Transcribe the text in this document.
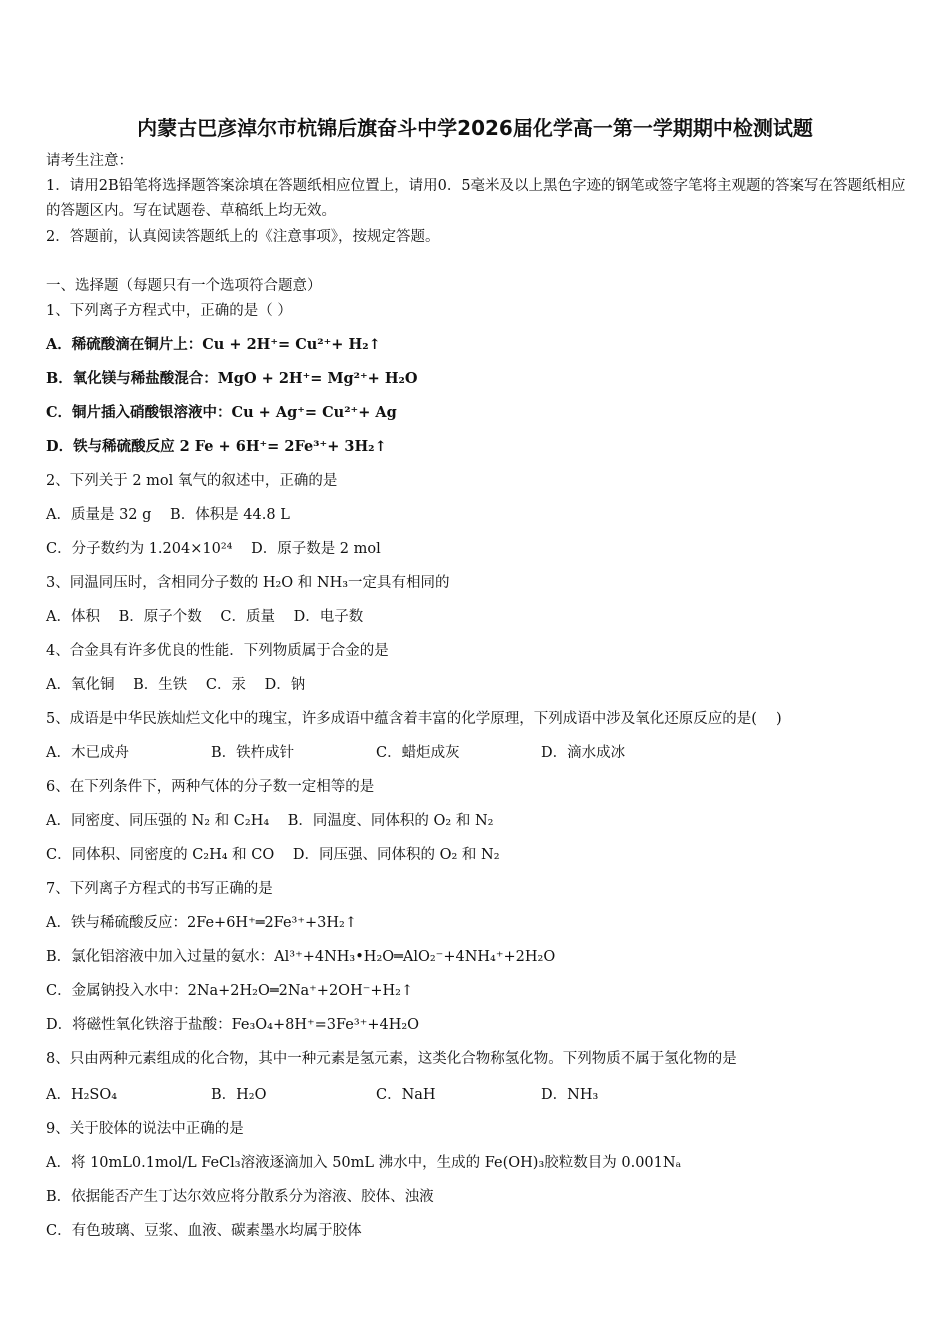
内蒙古巴彦淖尔市杭锦后旗奋斗中学2026届化学高一第一学期期中检测试题
请考生注意：
1．请用2B铅笔将选择题答案涂填在答题纸相应位置上，请用0．5毫米及以上黑色字迹的钢笔或签字笔将主观题的答案写在答题纸相应的答题区内。写在试题卷、草稿纸上均无效。
2．答题前，认真阅读答题纸上的《注意事项》，按规定答题。
一、选择题（每题只有一个选项符合题意）
1、下列离子方程式中，正确的是（ ）
A．稀硫酸滴在铜片上：Cu + 2H⁺= Cu²⁺+ H₂↑
B．氧化镁与稀盐酸混合：MgO + 2H⁺= Mg²⁺+ H₂O
C．铜片插入硝酸银溶液中：Cu + Ag⁺= Cu²⁺+ Ag
D．铁与稀硫酸反应 2 Fe + 6H⁺= 2Fe³⁺+ 3H₂↑
2、下列关于 2 mol 氧气的叙述中，正确的是
A．质量是 32 g B．体积是 44.8 L
C．分子数约为 1.204×10²⁴ D．原子数是 2 mol
3、同温同压时，含相同分子数的 H₂O 和 NH₃一定具有相同的
A．体积 B．原子个数 C．质量 D．电子数
4、合金具有许多优良的性能．下列物质属于合金的是
A．氧化铜 B．生铁 C．汞 D．钠
5、成语是中华民族灿烂文化中的瑰宝，许多成语中蕴含着丰富的化学原理，下列成语中涉及氧化还原反应的是(　 )
A．木已成舟	B．铁杵成针	C．蜡炬成灰	D．滴水成冰
6、在下列条件下，两种气体的分子数一定相等的是
A．同密度、同压强的 N₂ 和 C₂H₄ B．同温度、同体积的 O₂ 和 N₂
C．同体积、同密度的 C₂H₄ 和 CO D．同压强、同体积的 O₂ 和 N₂
7、下列离子方程式的书写正确的是
A．铁与稀硫酸反应：2Fe+6H⁺═2Fe³⁺+3H₂↑
B．氯化铝溶液中加入过量的氨水：Al³⁺+4NH₃•H₂O═AlO₂⁻+4NH₄⁺+2H₂O
C．金属钠投入水中：2Na+2H₂O═2Na⁺+2OH⁻+H₂↑
D．将磁性氧化铁溶于盐酸：Fe₃O₄+8H⁺=3Fe³⁺+4H₂O
8、只由两种元素组成的化合物，其中一种元素是氢元素，这类化合物称氢化物。下列物质不属于氢化物的是
A．H₂SO₄	B．H₂O	C．NaH	D．NH₃
9、关于胶体的说法中正确的是
A．将 10mL0.1mol/L FeCl₃溶液逐滴加入 50mL 沸水中，生成的 Fe(OH)₃胶粒数目为 0.001Nₐ
B．依据能否产生丁达尔效应将分散系分为溶液、胶体、浊液
C．有色玻璃、豆浆、血液、碳素墨水均属于胶体
